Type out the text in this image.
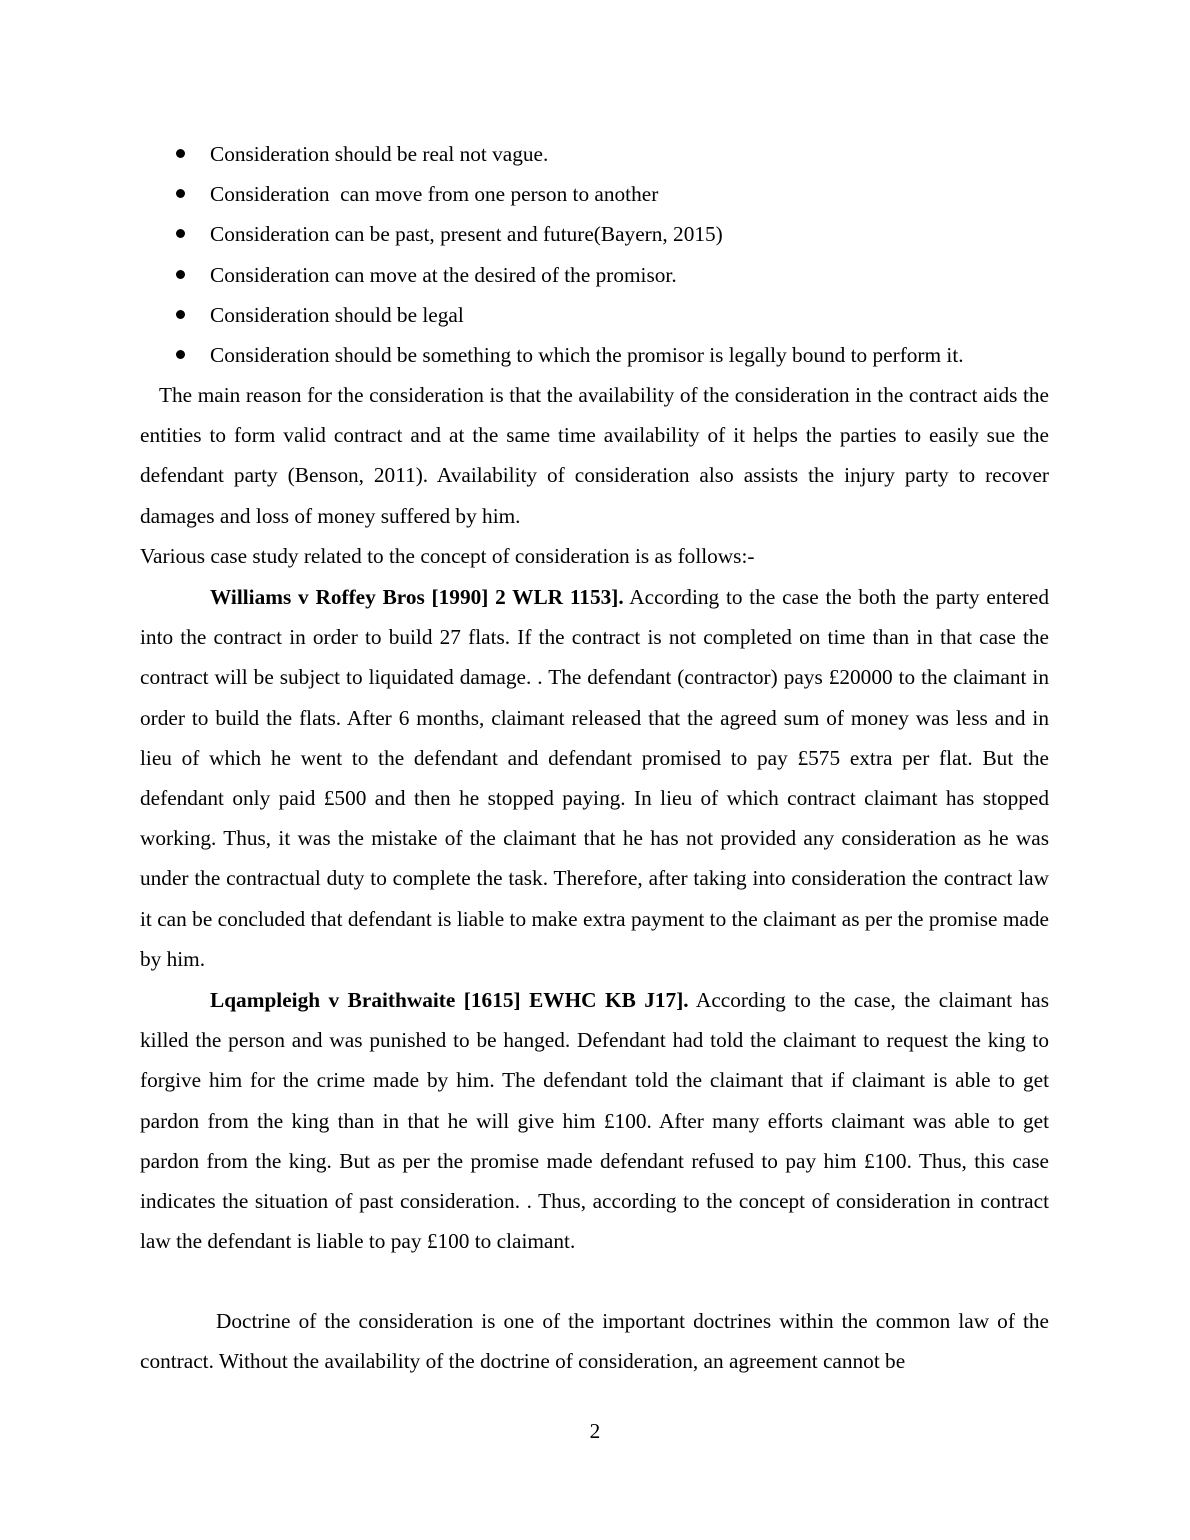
Consideration should be real not vague.
Consideration  can move from one person to another
Consideration can be past, present and future(Bayern, 2015)
Consideration can move at the desired of the promisor.
Consideration should be legal
Consideration should be something to which the promisor is legally bound to perform it.

The main reason for the consideration is that the availability of the consideration in the contract aids the entities to form valid contract and at the same time availability of it helps the parties to easily sue the defendant party (Benson, 2011). Availability of consideration also assists the injury party to recover damages and loss of money suffered by him.

Various case study related to the concept of consideration is as follows:-

Williams v Roffey Bros [1990] 2 WLR 1153]. According to the case the both the party entered into the contract in order to build 27 flats. If the contract is not completed on time than in that case the contract will be subject to liquidated damage. . The defendant (contractor) pays £20000 to the claimant in order to build the flats. After 6 months, claimant released that the agreed sum of money was less and in lieu of which he went to the defendant and defendant promised to pay £575 extra per flat. But the defendant only paid £500 and then he stopped paying. In lieu of which contract claimant has stopped working. Thus, it was the mistake of the claimant that he has not provided any consideration as he was under the contractual duty to complete the task. Therefore, after taking into consideration the contract law it can be concluded that defendant is liable to make extra payment to the claimant as per the promise made by him.

Lqampleigh v Braithwaite [1615] EWHC KB J17]. According to the case, the claimant has killed the person and was punished to be hanged. Defendant had told the claimant to request the king to forgive him for the crime made by him. The defendant told the claimant that if claimant is able to get pardon from the king than in that he will give him £100. After many efforts claimant was able to get pardon from the king. But as per the promise made defendant refused to pay him £100. Thus, this case indicates the situation of past consideration. . Thus, according to the concept of consideration in contract law the defendant is liable to pay £100 to claimant.

Doctrine of the consideration is one of the important doctrines within the common law of the contract. Without the availability of the doctrine of consideration, an agreement cannot be

2
